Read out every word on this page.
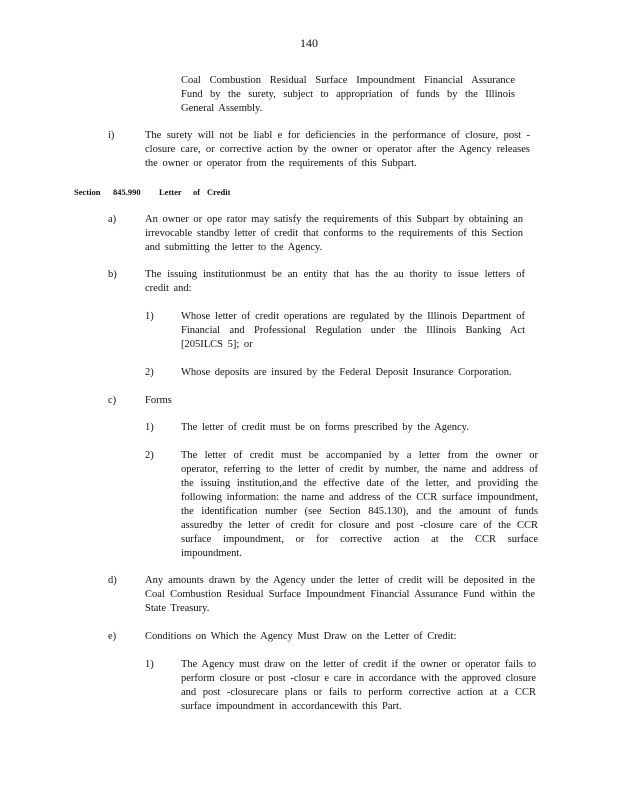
140
Coal Combustion Residual Surface Impoundment Financial Assurance Fund by the surety, subject to appropriation of funds by the Illinois General Assembly.
i)	The surety will not be liabl e for deficiencies in the performance of closure, post - closure care, or corrective action by the owner or operator after the Agency releases the owner or operator from the requirements of this Subpart.
Section 845.990 Letter of Credit
a)	An owner or ope rator may satisfy the requirements of this Subpart by obtaining an irrevocable standby letter of credit that conforms to the requirements of this Section and submitting the letter to the Agency.
b)	The issuing institutionmust be an entity that has the au thority to issue letters of credit and:
1)	Whose letter of credit operations are regulated by the Illinois Department of Financial and Professional Regulation under the Illinois Banking Act [205ILCS 5]; or
2)	Whose deposits are insured by the Federal Deposit Insurance Corporation.
c)	Forms
1)	The letter of credit must be on forms prescribed by the Agency.
2)	The letter of credit must be accompanied by a letter from the owner or operator, referring to the letter of credit by number, the name and address of the issuing institution,and the effective date of the letter, and providing the following information: the name and address of the CCR surface impoundment, the identification number (see Section 845.130), and the amount of funds assuredby the letter of credit for closure and post -closure care of the CCR surface impoundment, or for corrective action at the CCR surface impoundment.
d)	Any amounts drawn by the Agency under the letter of credit will be deposited in the Coal Combustion Residual Surface Impoundment Financial Assurance Fund within the State Treasury.
e)	Conditions on Which the Agency Must Draw on the Letter of Credit:
1)	The Agency must draw on the letter of credit if the owner or operator fails to perform closure or post -closur e care in accordance with the approved closure and post -closurecare plans or fails to perform corrective action at a CCR surface impoundment in accordancewith this Part.
